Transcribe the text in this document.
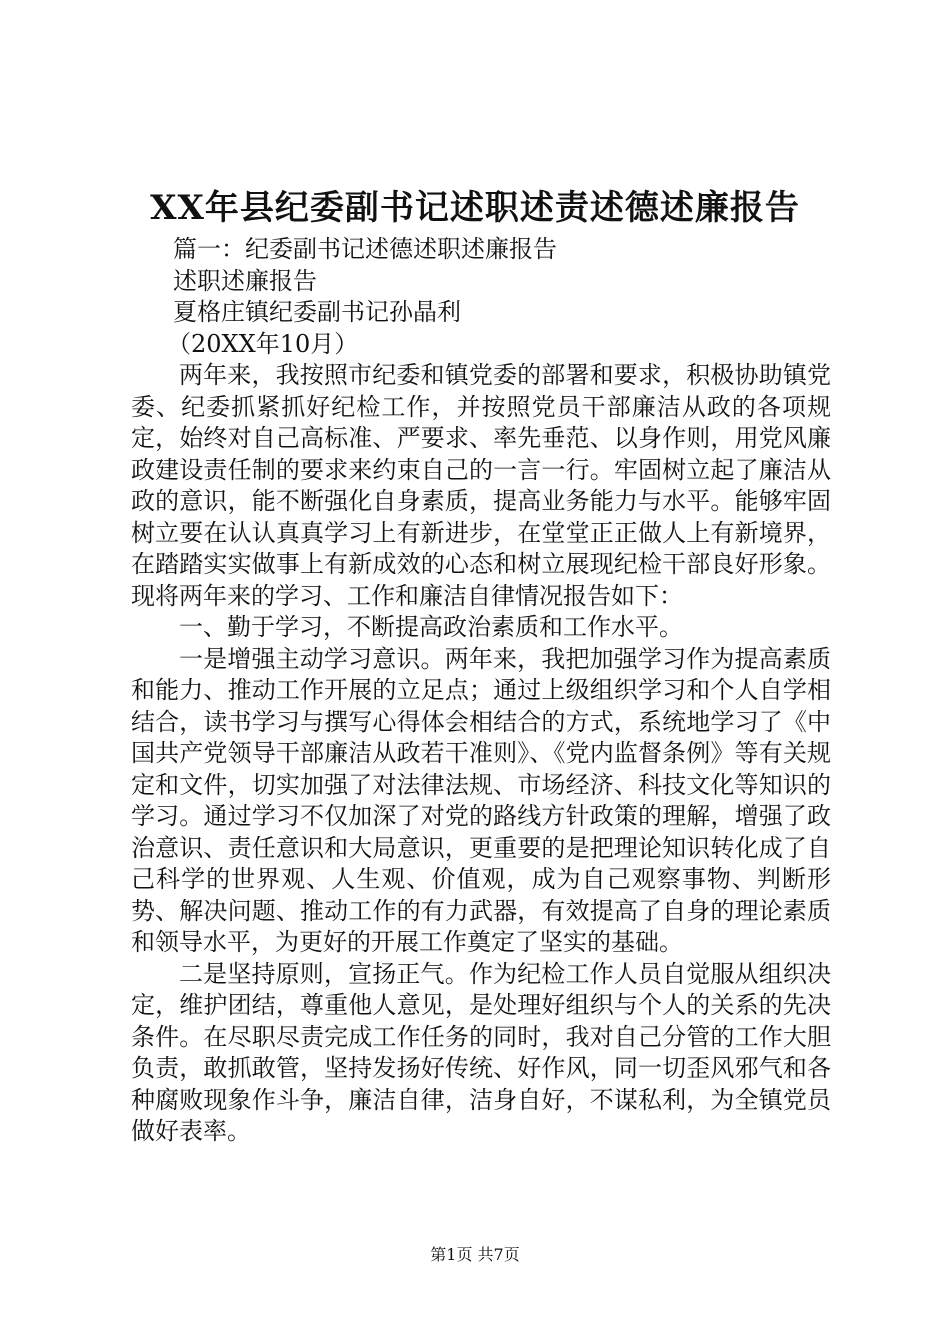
XX年县纪委副书记述职述责述德述廉报告

篇一：纪委副书记述德述职述廉报告

述职述廉报告

夏格庄镇纪委副书记孙晶利

（20XX年10月）

两年来，我按照市纪委和镇党委的部署和要求，积极协助镇党委、纪委抓紧抓好纪检工作，并按照党员干部廉洁从政的各项规定，始终对自己高标准、严要求、率先垂范、以身作则，用党风廉政建设责任制的要求来约束自己的一言一行。牢固树立起了廉洁从政的意识，能不断强化自身素质，提高业务能力与水平。能够牢固树立要在认认真真学习上有新进步，在堂堂正正做人上有新境界，在踏踏实实做事上有新成效的心态和树立展现纪检干部良好形象。现将两年来的学习、工作和廉洁自律情况报告如下：

一、勤于学习，不断提高政治素质和工作水平。

一是增强主动学习意识。两年来，我把加强学习作为提高素质和能力、推动工作开展的立足点；通过上级组织学习和个人自学相结合，读书学习与撰写心得体会相结合的方式，系统地学习了《中国共产党领导干部廉洁从政若干准则》、《党内监督条例》等有关规定和文件，切实加强了对法律法规、市场经济、科技文化等知识的学习。通过学习不仅加深了对党的路线方针政策的理解，增强了政治意识、责任意识和大局意识，更重要的是把理论知识转化成了自己科学的世界观、人生观、价值观，成为自己观察事物、判断形势、解决问题、推动工作的有力武器，有效提高了自身的理论素质和领导水平，为更好的开展工作奠定了坚实的基础。

二是坚持原则，宣扬正气。作为纪检工作人员自觉服从组织决定，维护团结，尊重他人意见，是处理好组织与个人的关系的先决条件。在尽职尽责完成工作任务的同时，我对自己分管的工作大胆负责，敢抓敢管，坚持发扬好传统、好作风，同一切歪风邪气和各种腐败现象作斗争，廉洁自律，洁身自好，不谋私利，为全镇党员做好表率。

第1页 共7页
